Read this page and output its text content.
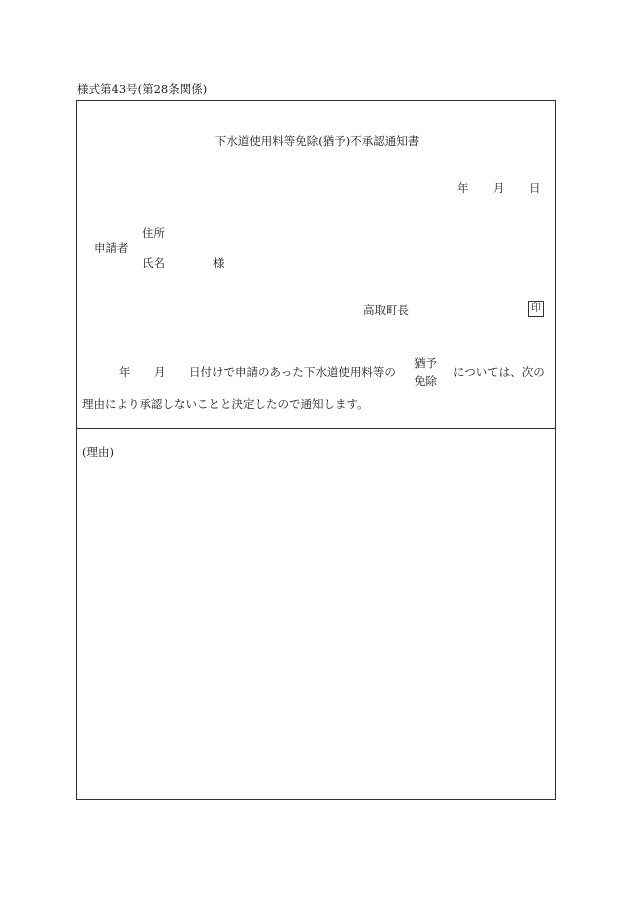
様式第43号(第28条関係)
下水道使用料等免除(猶予)不承認通知書
年 月 日
申請者
住所
氏名	様
高取町長	印
年 月 日付けで申請のあった下水道使用料等の
猶予
免除
については、次の
理由により承認しないことと決定したので通知します。
(理由)
